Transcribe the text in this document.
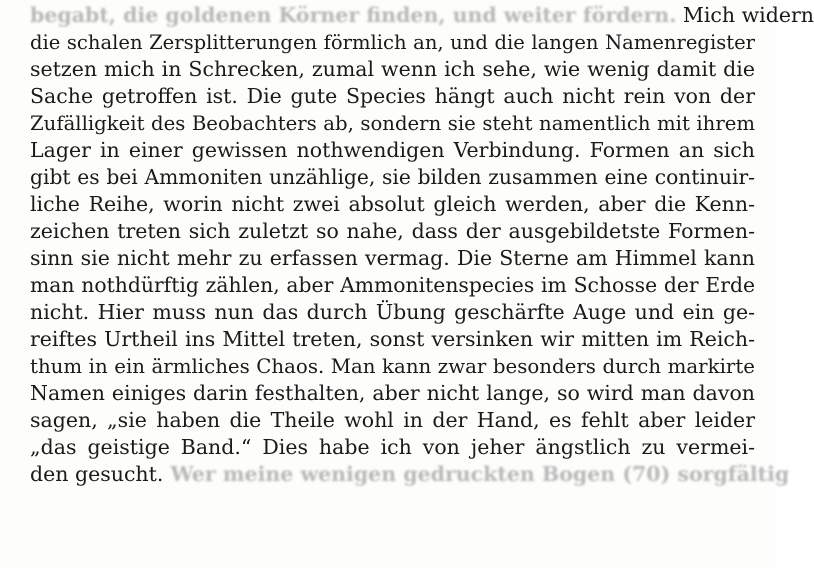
begabt, die goldenen Körner finden, und weiter fördern. Mich widern
die schalen Zersplitterungen förmlich an, und die langen Namenregister
setzen mich in Schrecken, zumal wenn ich sehe, wie wenig damit die
Sache getroffen ist. Die gute Species hängt auch nicht rein von der
Zufälligkeit des Beobachters ab, sondern sie steht namentlich mit ihrem
Lager in einer gewissen nothwendigen Verbindung. Formen an sich
gibt es bei Ammoniten unzählige, sie bilden zusammen eine continuir-
liche Reihe, worin nicht zwei absolut gleich werden, aber die Kenn-
zeichen treten sich zuletzt so nahe, dass der ausgebildetste Formen-
sinn sie nicht mehr zu erfassen vermag. Die Sterne am Himmel kann
man nothdürftig zählen, aber Ammonitenspecies im Schosse der Erde
nicht. Hier muss nun das durch Übung geschärfte Auge und ein ge-
reiftes Urtheil ins Mittel treten, sonst versinken wir mitten im Reich-
thum in ein ärmliches Chaos. Man kann zwar besonders durch markirte
Namen einiges darin festhalten, aber nicht lange, so wird man davon
sagen, „sie haben die Theile wohl in der Hand, es fehlt aber leider
„das geistige Band.“ Dies habe ich von jeher ängstlich zu vermei-
den gesucht. Wer meine wenigen gedruckten Bogen (70) sorgfältig
